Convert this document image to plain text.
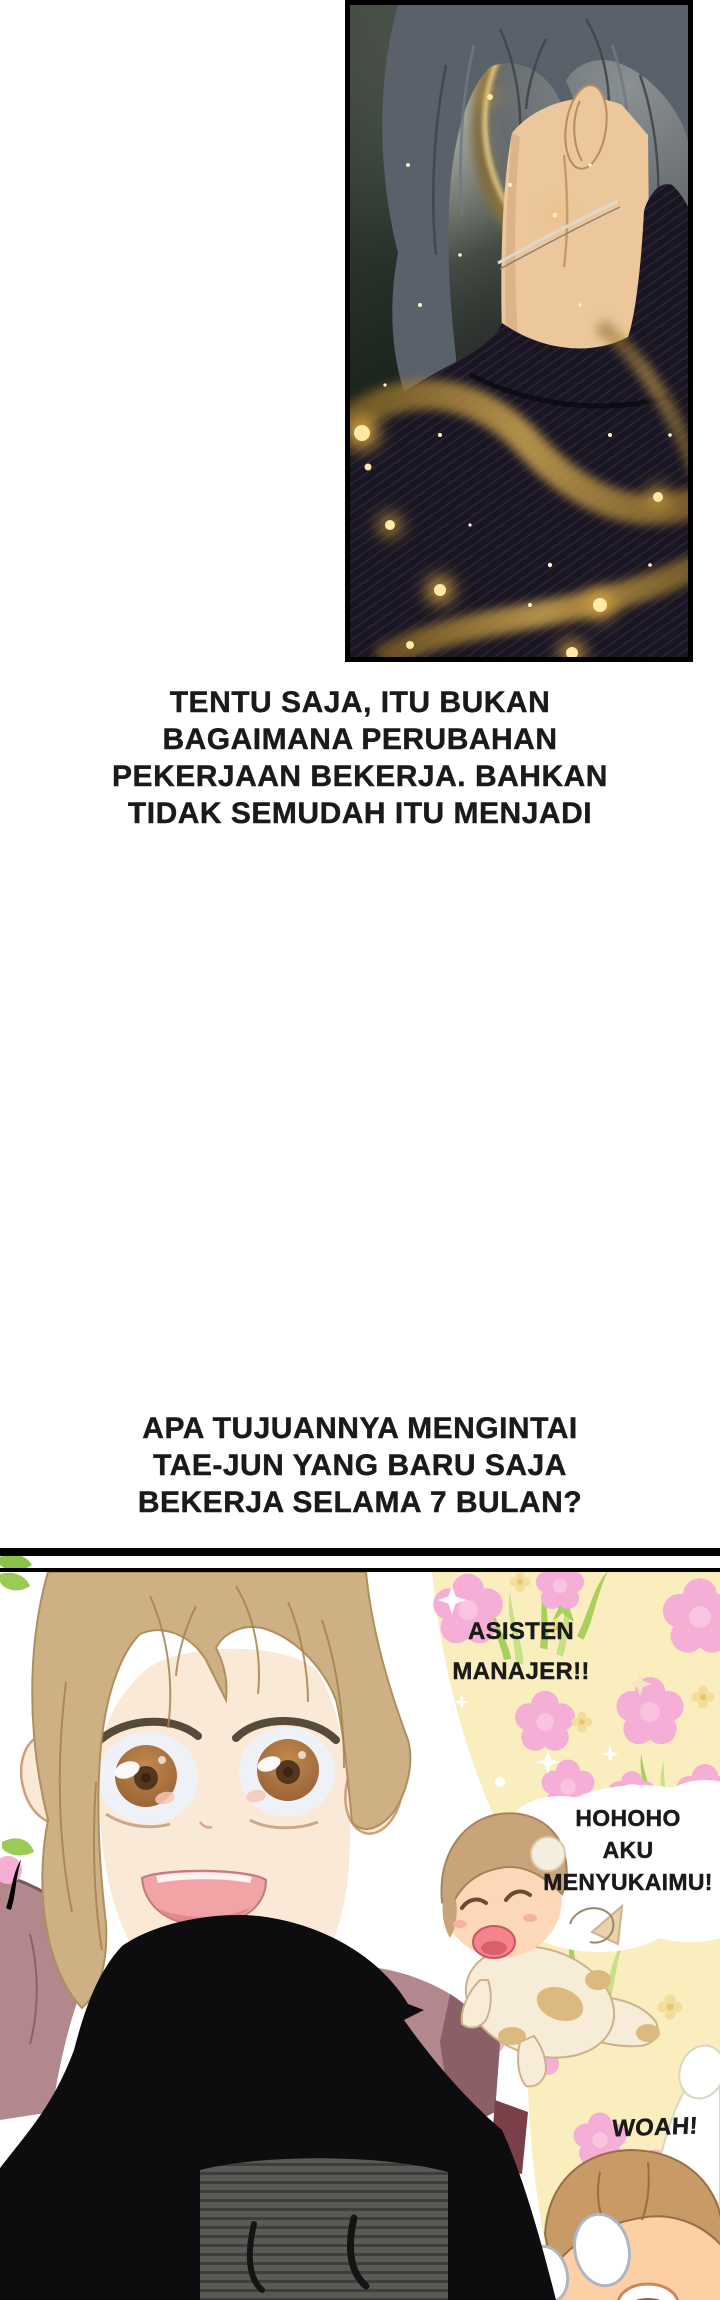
TENTU SAJA, ITU BUKAN
BAGAIMANA PERUBAHAN
PEKERJAAN BEKERJA. BAHKAN
TIDAK SEMUDAH ITU MENJADI
APA TUJUANNYA MENGINTAI
TAE-JUN YANG BARU SAJA
BEKERJA SELAMA 7 BULAN?
ASISTEN
MANAJER!!
HOHOHO
AKU
MENYUKAIMU!
WOAH!
